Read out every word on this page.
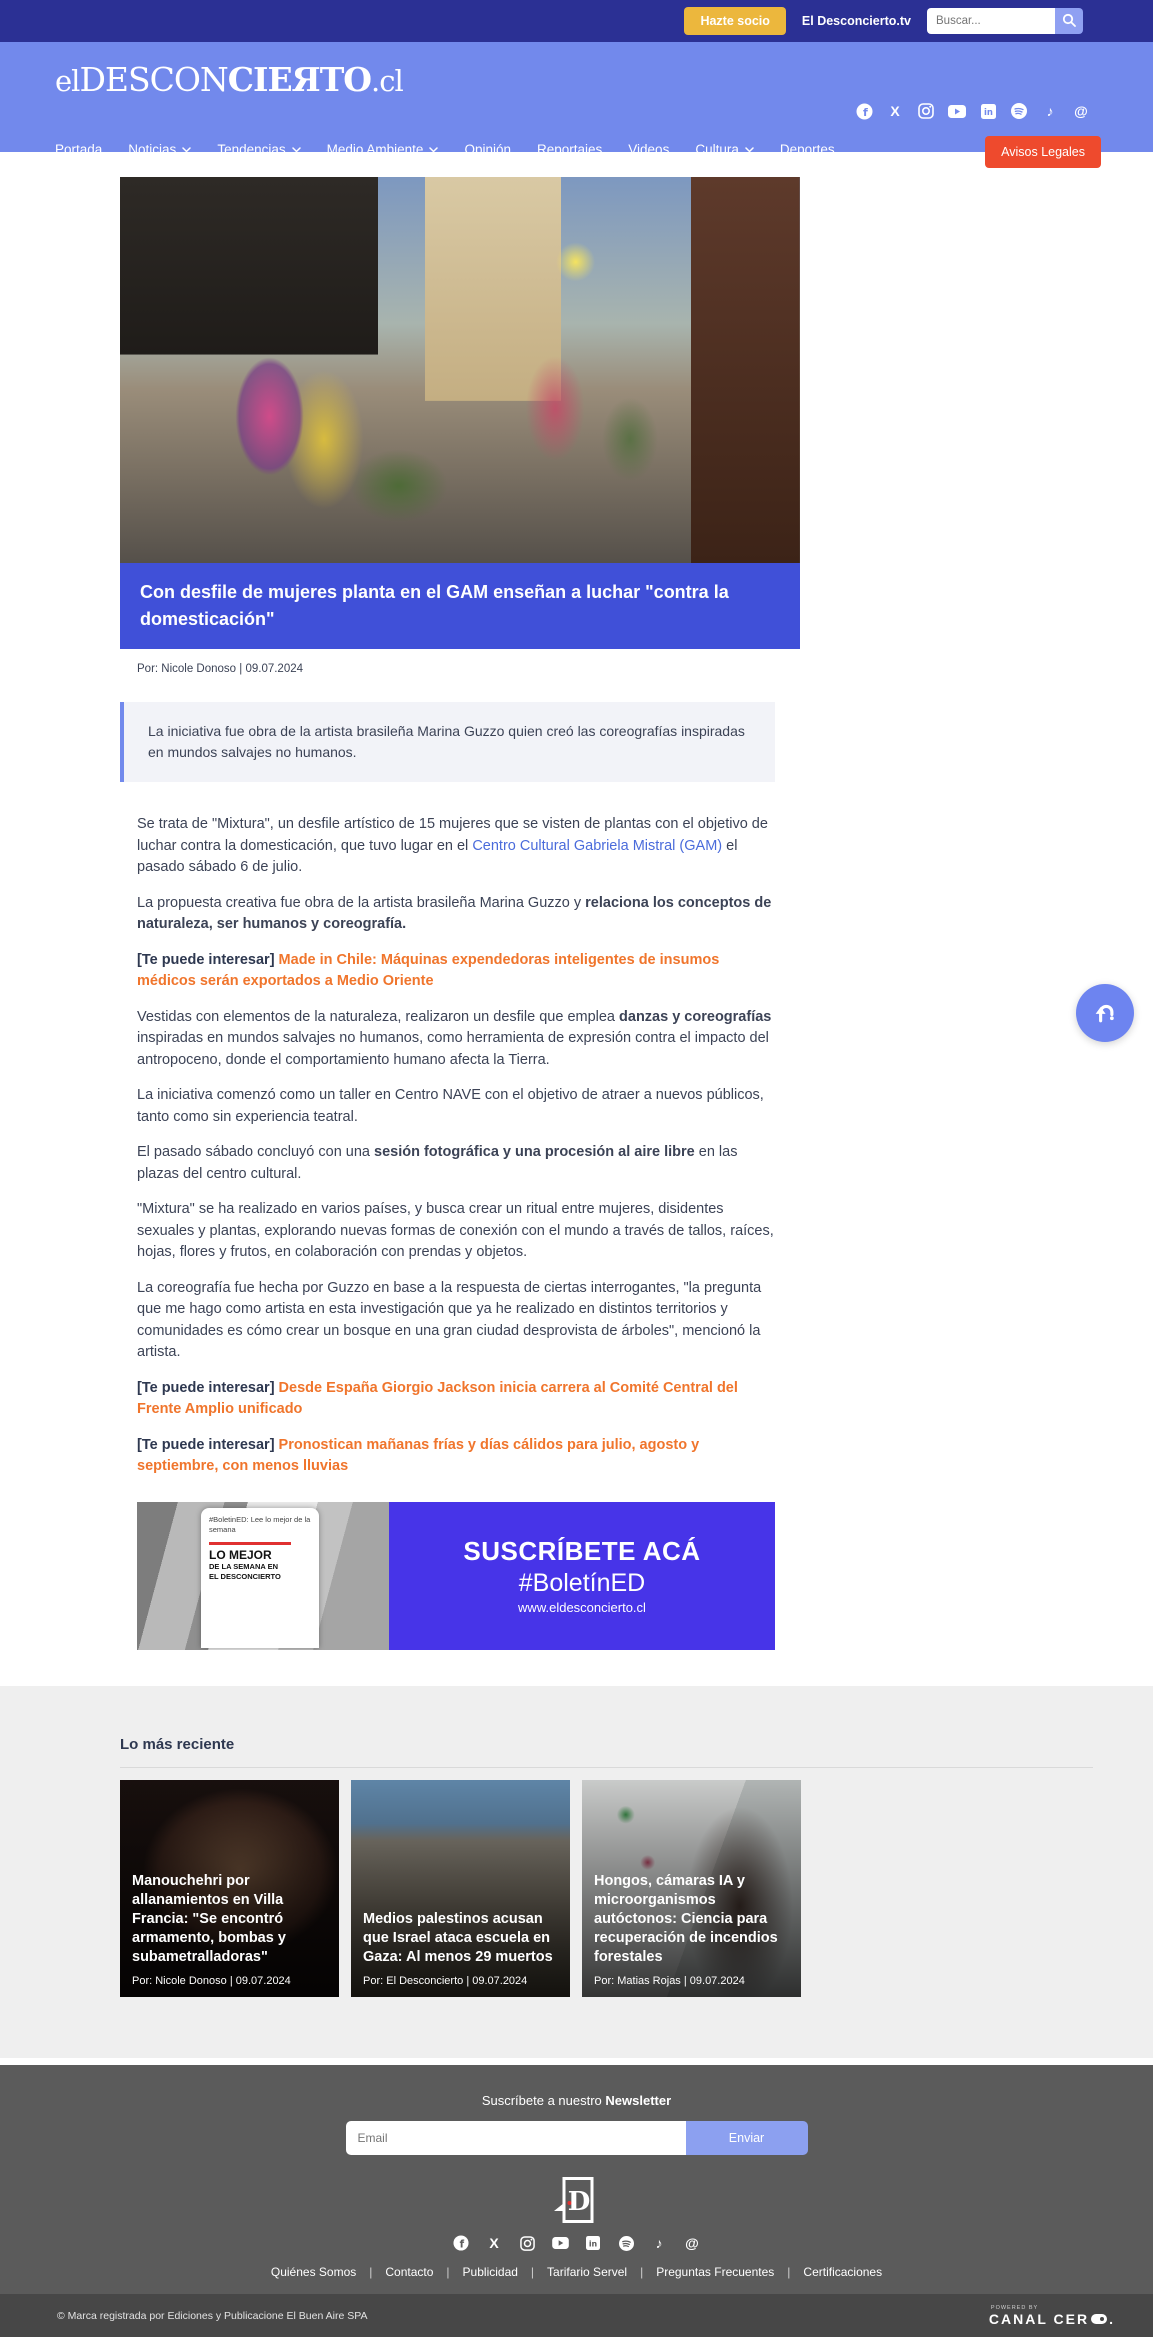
Hazte socio	El Desconcierto.tv
Buscar...
elDESCONCIEЯTO.cl
f X	in	♪ @
Portada Noticias	Tendencias	Medio Ambiente	Opinión Reportajes Videos Cultura	Deportes	Avisos Legales
Con desfile de mujeres planta en el GAM enseñan a luchar "contra la domesticación"
Por: Nicole Donoso | 09.07.2024
La iniciativa fue obra de la artista brasileña Marina Guzzo quien creó las coreografías inspiradas en mundos salvajes no humanos.

Se trata de "Mixtura", un desfile artístico de 15 mujeres que se visten de plantas con el objetivo de luchar contra la domesticación, que tuvo lugar en el Centro Cultural Gabriela Mistral (GAM) el pasado sábado 6 de julio.

La propuesta creativa fue obra de la artista brasileña Marina Guzzo y relaciona los conceptos de naturaleza, ser humanos y coreografía.

[Te puede interesar] Made in Chile: Máquinas expendedoras inteligentes de insumos médicos serán exportados a Medio Oriente

Vestidas con elementos de la naturaleza, realizaron un desfile que emplea danzas y coreografías inspiradas en mundos salvajes no humanos, como herramienta de expresión contra el impacto del antropoceno, donde el comportamiento humano afecta la Tierra.

La iniciativa comenzó como un taller en Centro NAVE con el objetivo de atraer a nuevos públicos, tanto como sin experiencia teatral.

El pasado sábado concluyó con una sesión fotográfica y una procesión al aire libre en las plazas del centro cultural.

"Mixtura" se ha realizado en varios países, y busca crear un ritual entre mujeres, disidentes sexuales y plantas, explorando nuevas formas de conexión con el mundo a través de tallos, raíces, hojas, flores y frutos, en colaboración con prendas y objetos.

La coreografía fue hecha por Guzzo en base a la respuesta de ciertas interrogantes, "la pregunta que me hago como artista en esta investigación que ya he realizado en distintos territorios y comunidades es cómo crear un bosque en una gran ciudad desprovista de árboles", mencionó la artista.

[Te puede interesar] Desde España Giorgio Jackson inicia carrera al Comité Central del Frente Amplio unificado

[Te puede interesar] Pronostican mañanas frías y días cálidos para julio, agosto y septiembre, con menos lluvias

#BoletinED: Lee lo mejor de la semana
LO MEJOR
DE LA SEMANA EN
EL DESCONCIERTO
SUSCRÍBETE ACÁ
#BoletínED
www.eldesconcierto.cl
Lo más reciente
Manouchehri por allanamientos en Villa Francia: "Se encontró armamento, bombas y subametralladoras"
Por: Nicole Donoso | 09.07.2024
Medios palestinos acusan que Israel ataca escuela en Gaza: Al menos 29 muertos
Por: El Desconcierto | 09.07.2024
Hongos, cámaras IA y microorganismos autóctonos: Ciencia para recuperación de incendios forestales
Por: Matias Rojas | 09.07.2024
Suscríbete a nuestro Newsletter
Email
Enviar
D
f X	in	♪ @
Quiénes Somos | Contacto | Publicidad | Tarifario Servel | Preguntas Frecuentes | Certificaciones
© Marca registrada por Ediciones y Publicacione El Buen Aire SPA
POWERED BY
CANAL CER .
